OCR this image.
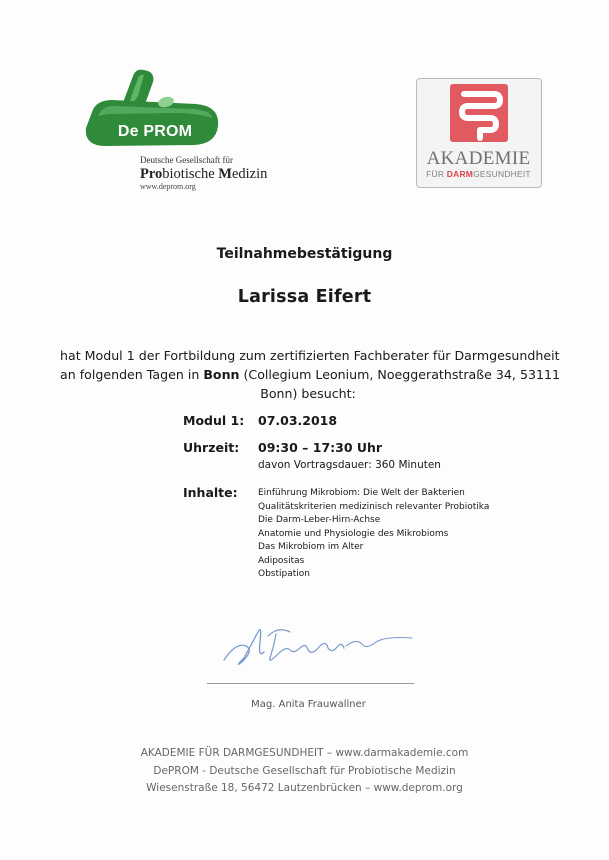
De PROM
Deutsche Gesellschaft für
Probiotische Medizin
www.deprom.org
AKADEMIE
FÜR DARMGESUNDHEIT
Teilnahmebestätigung
Larissa Eifert
hat Modul 1 der Fortbildung zum zertifizierten Fachberater für Darmgesundheit
an folgenden Tagen in Bonn (Collegium Leonium, Noeggerathstraße 34, 53111
Bonn) besucht:
Modul 1: 07.03.2018
Uhrzeit: 09:30 – 17:30 Uhr
davon Vortragsdauer: 360 Minuten
Inhalte: Einführung Mikrobiom: Die Welt der Bakterien
Qualitätskriterien medizinisch relevanter Probiotika
Die Darm-Leber-Hirn-Achse
Anatomie und Physiologie des Mikrobioms
Das Mikrobiom im Alter
Adipositas
Obstipation
Mag. Anita Frauwallner
AKADEMIE FÜR DARMGESUNDHEIT – www.darmakademie.com
DePROM - Deutsche Gesellschaft für Probiotische Medizin
Wiesenstraße 18, 56472 Lautzenbrücken – www.deprom.org
